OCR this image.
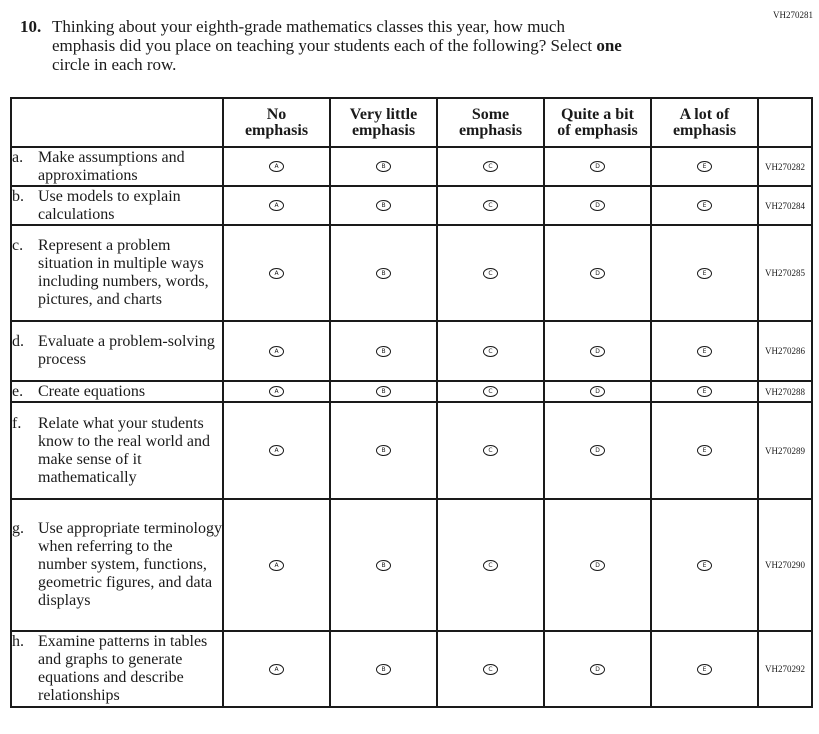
VH270281
10. Thinking about your eighth-grade mathematics classes this year, how much
emphasis did you place on teaching your students each of the following? Select one
circle in each row.
	No
emphasis	Very little
emphasis	Some
emphasis	Quite a bit
of emphasis	A lot of
emphasis	

a. Make assumptions and approximations	A	B	C	D	E	VH270282

b. Use models to explain calculations	A	B	C	D	E	VH270284

c. Represent a problem situation in multiple ways including numbers, words, pictures, and charts	A	B	C	D	E	VH270285

d. Evaluate a problem-solving process	A	B	C	D	E	VH270286

e. Create equations	A	B	C	D	E	VH270288

f. Relate what your students know to the real world and make sense of it mathematically	A	B	C	D	E	VH270289

g. Use appropriate terminology when referring to the number system, functions, geometric figures, and data displays	A	B	C	D	E	VH270290

h. Examine patterns in tables and graphs to generate equations and describe relationships	A	B	C	D	E	VH270292
